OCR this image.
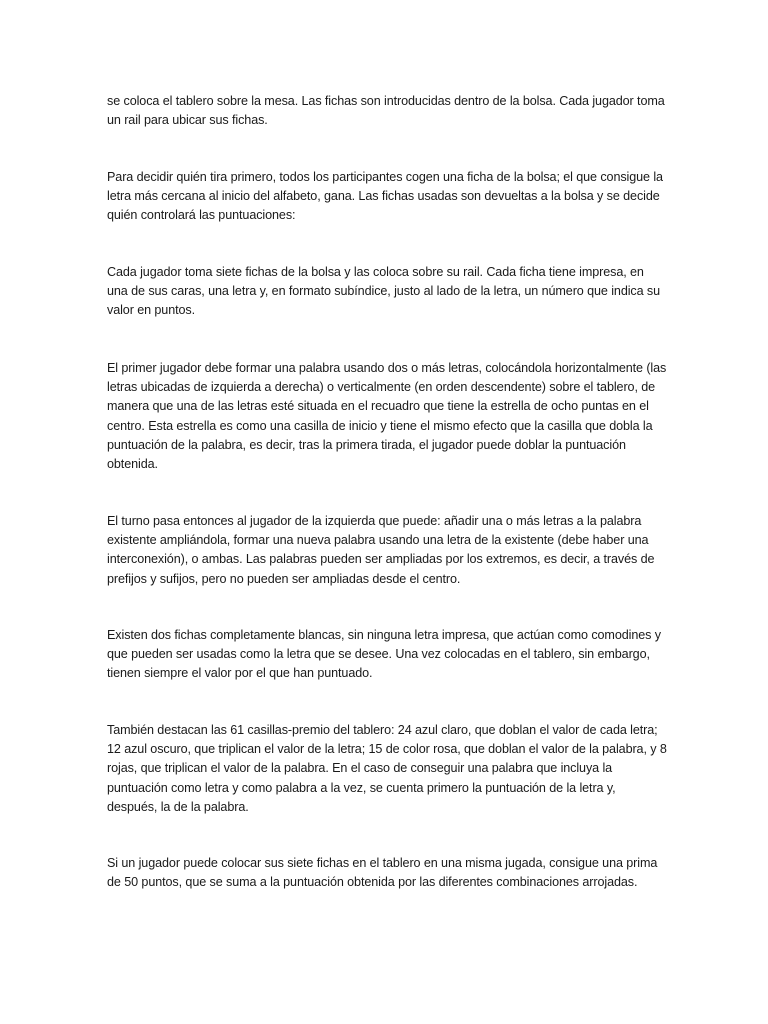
se coloca el tablero sobre la mesa. Las fichas son introducidas dentro de la bolsa. Cada jugador toma un rail para ubicar sus fichas.

Para decidir quién tira primero, todos los participantes cogen una ficha de la bolsa; el que consigue la letra más cercana al inicio del alfabeto, gana. Las fichas usadas son devueltas a la bolsa y se decide quién controlará las puntuaciones:

Cada jugador toma siete fichas de la bolsa y las coloca sobre su rail. Cada ficha tiene impresa, en una de sus caras, una letra y, en formato subíndice, justo al lado de la letra, un número que indica su valor en puntos.

El primer jugador debe formar una palabra usando dos o más letras, colocándola horizontalmente (las letras ubicadas de izquierda a derecha) o verticalmente (en orden descendente) sobre el tablero, de manera que una de las letras esté situada en el recuadro que tiene la estrella de ocho puntas en el centro. Esta estrella es como una casilla de inicio y tiene el mismo efecto que la casilla que dobla la puntuación de la palabra, es decir, tras la primera tirada, el jugador puede doblar la puntuación obtenida.

El turno pasa entonces al jugador de la izquierda que puede: añadir una o más letras a la palabra existente ampliándola, formar una nueva palabra usando una letra de la existente (debe haber una interconexión), o ambas. Las palabras pueden ser ampliadas por los extremos, es decir, a través de prefijos y sufijos, pero no pueden ser ampliadas desde el centro.

Existen dos fichas completamente blancas, sin ninguna letra impresa, que actúan como comodines y que pueden ser usadas como la letra que se desee. Una vez colocadas en el tablero, sin embargo, tienen siempre el valor por el que han puntuado.

También destacan las 61 casillas-premio del tablero: 24 azul claro, que doblan el valor de cada letra; 12 azul oscuro, que triplican el valor de la letra; 15 de color rosa, que doblan el valor de la palabra, y 8 rojas, que triplican el valor de la palabra. En el caso de conseguir una palabra que incluya la puntuación como letra y como palabra a la vez, se cuenta primero la puntuación de la letra y, después, la de la palabra.

Si un jugador puede colocar sus siete fichas en el tablero en una misma jugada, consigue una prima de 50 puntos, que se suma a la puntuación obtenida por las diferentes combinaciones arrojadas.
